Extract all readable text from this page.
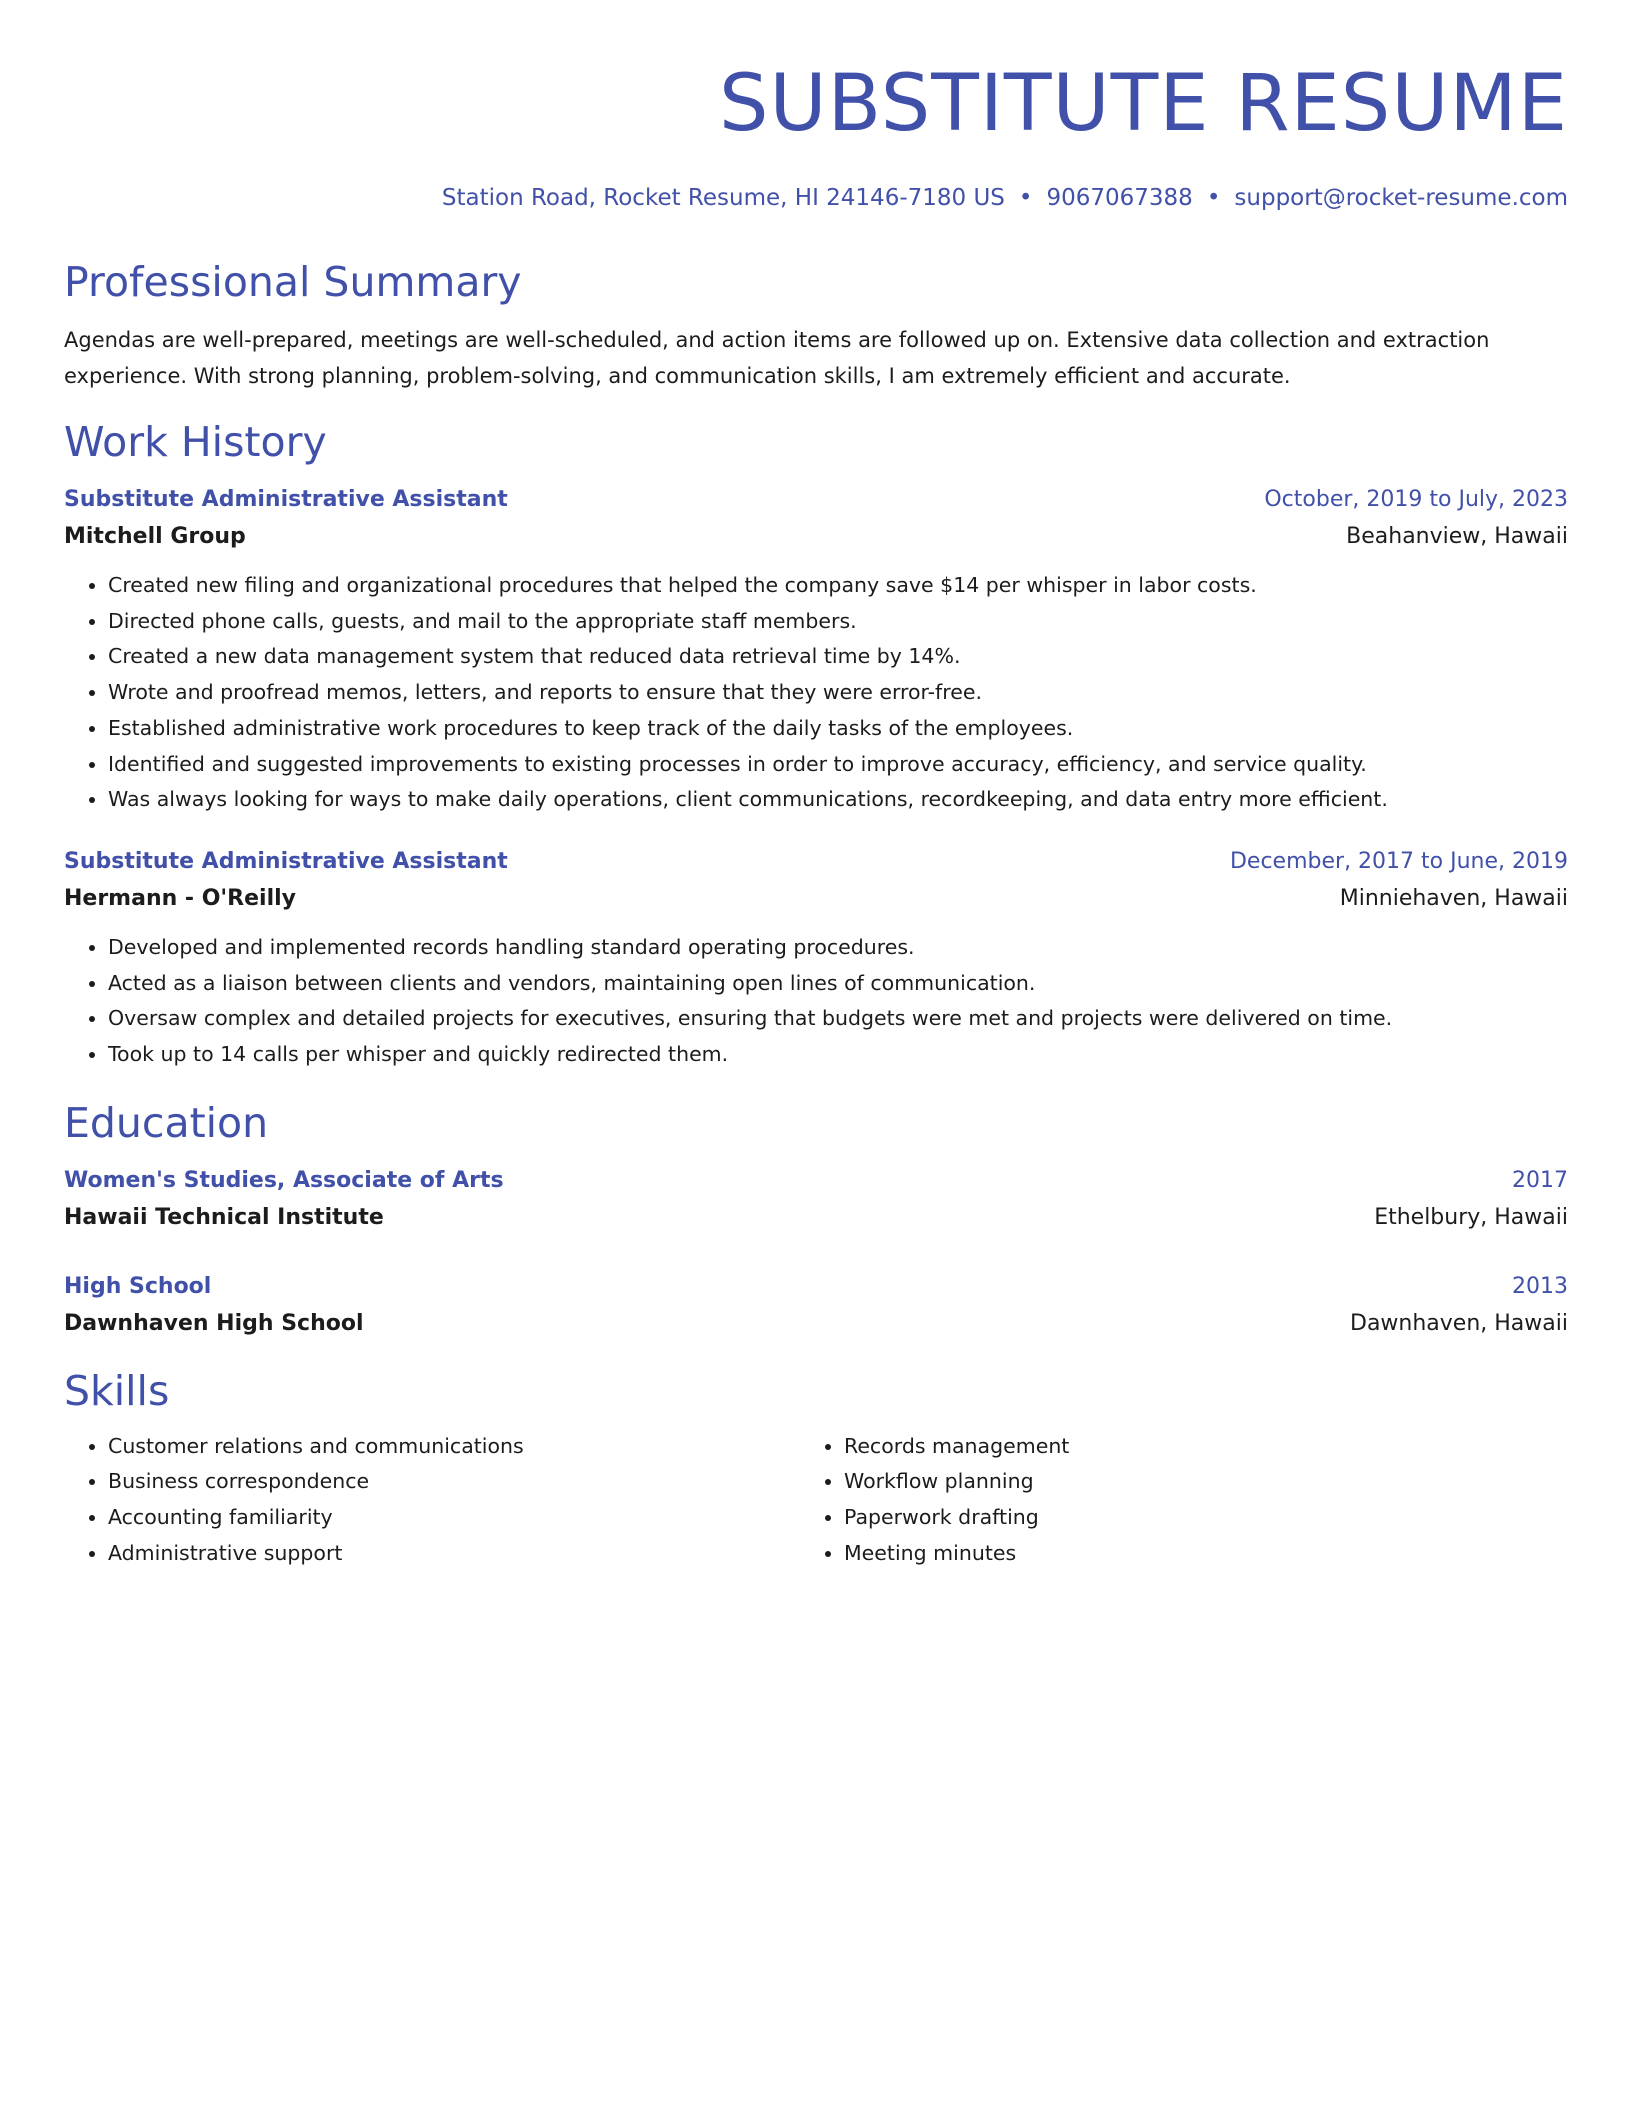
SUBSTITUTE RESUME
Station Road, Rocket Resume, HI 24146-7180 US • 9067067388 • support@rocket-resume.com
Professional Summary
Agendas are well-prepared, meetings are well-scheduled, and action items are followed up on. Extensive data collection and extraction experience. With strong planning, problem-solving, and communication skills, I am extremely efficient and accurate.
Work History
Substitute Administrative Assistant	October, 2019 to July, 2023
Mitchell Group	Beahanview, Hawaii
• Created new filing and organizational procedures that helped the company save $14 per whisper in labor costs.
• Directed phone calls, guests, and mail to the appropriate staff members.
• Created a new data management system that reduced data retrieval time by 14%.
• Wrote and proofread memos, letters, and reports to ensure that they were error-free.
• Established administrative work procedures to keep track of the daily tasks of the employees.
• Identified and suggested improvements to existing processes in order to improve accuracy, efficiency, and service quality.
• Was always looking for ways to make daily operations, client communications, recordkeeping, and data entry more efficient.
Substitute Administrative Assistant	December, 2017 to June, 2019
Hermann - O'Reilly	Minniehaven, Hawaii
• Developed and implemented records handling standard operating procedures.
• Acted as a liaison between clients and vendors, maintaining open lines of communication.
• Oversaw complex and detailed projects for executives, ensuring that budgets were met and projects were delivered on time.
• Took up to 14 calls per whisper and quickly redirected them.
Education
Women's Studies, Associate of Arts	2017
Hawaii Technical Institute	Ethelbury, Hawaii
High School	2013
Dawnhaven High School	Dawnhaven, Hawaii
Skills
• Customer relations and communications
• Business correspondence
• Accounting familiarity
• Administrative support
• Records management
• Workflow planning
• Paperwork drafting
• Meeting minutes
